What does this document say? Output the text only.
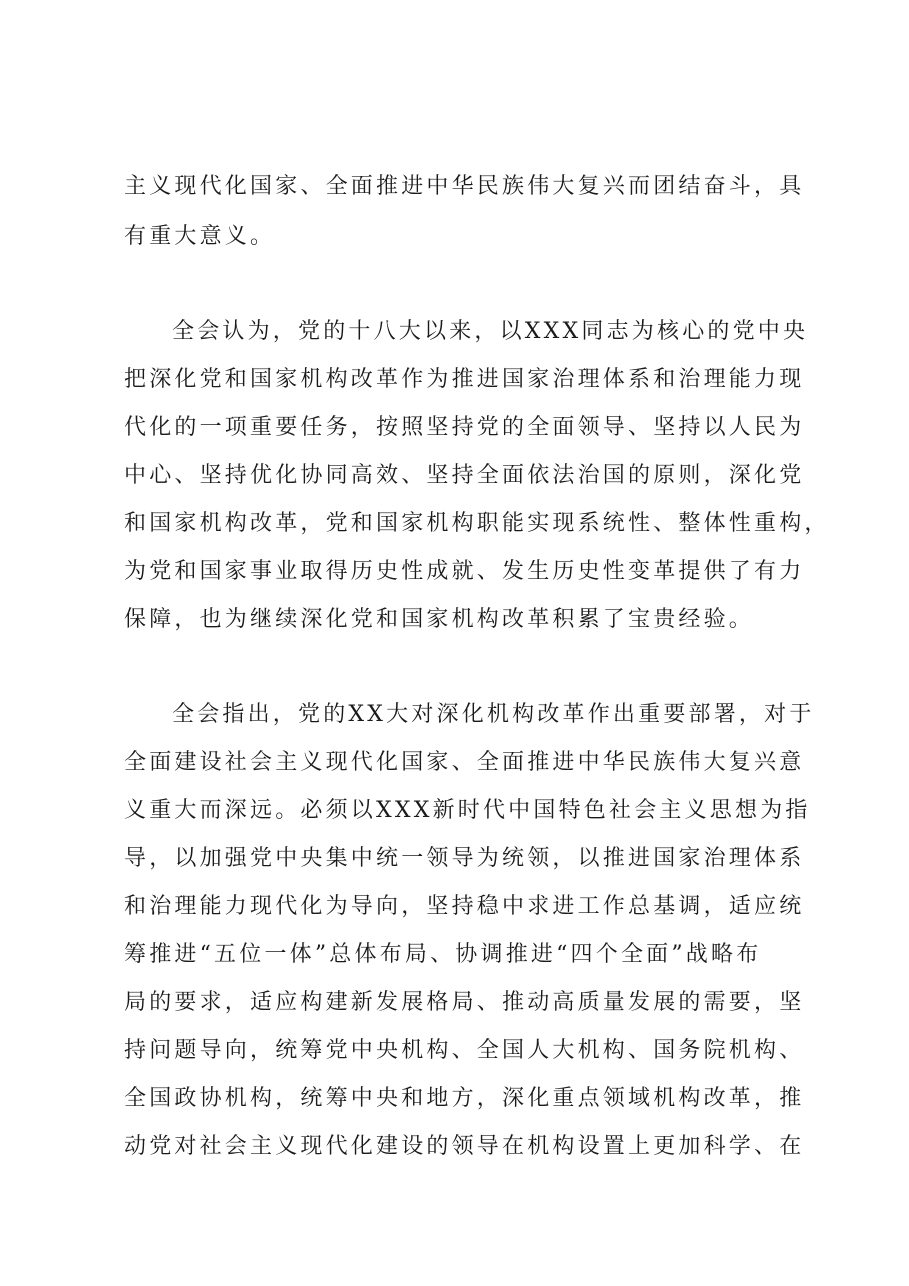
主义现代化国家、全面推进中华民族伟大复兴而团结奋斗，具
有重大意义。
全会认为，党的十八大以来，以XXX同志为核心的党中央
把深化党和国家机构改革作为推进国家治理体系和治理能力现
代化的一项重要任务，按照坚持党的全面领导、坚持以人民为
中心、坚持优化协同高效、坚持全面依法治国的原则，深化党
和国家机构改革，党和国家机构职能实现系统性、整体性重构，
为党和国家事业取得历史性成就、发生历史性变革提供了有力
保障，也为继续深化党和国家机构改革积累了宝贵经验。
全会指出，党的XX大对深化机构改革作出重要部署，对于
全面建设社会主义现代化国家、全面推进中华民族伟大复兴意
义重大而深远。必须以XXX新时代中国特色社会主义思想为指
导，以加强党中央集中统一领导为统领，以推进国家治理体系
和治理能力现代化为导向，坚持稳中求进工作总基调，适应统
筹推进“五位一体”总体布局、协调推进“四个全面”战略布
局的要求，适应构建新发展格局、推动高质量发展的需要，坚
持问题导向，统筹党中央机构、全国人大机构、国务院机构、
全国政协机构，统筹中央和地方，深化重点领域机构改革，推
动党对社会主义现代化建设的领导在机构设置上更加科学、在
